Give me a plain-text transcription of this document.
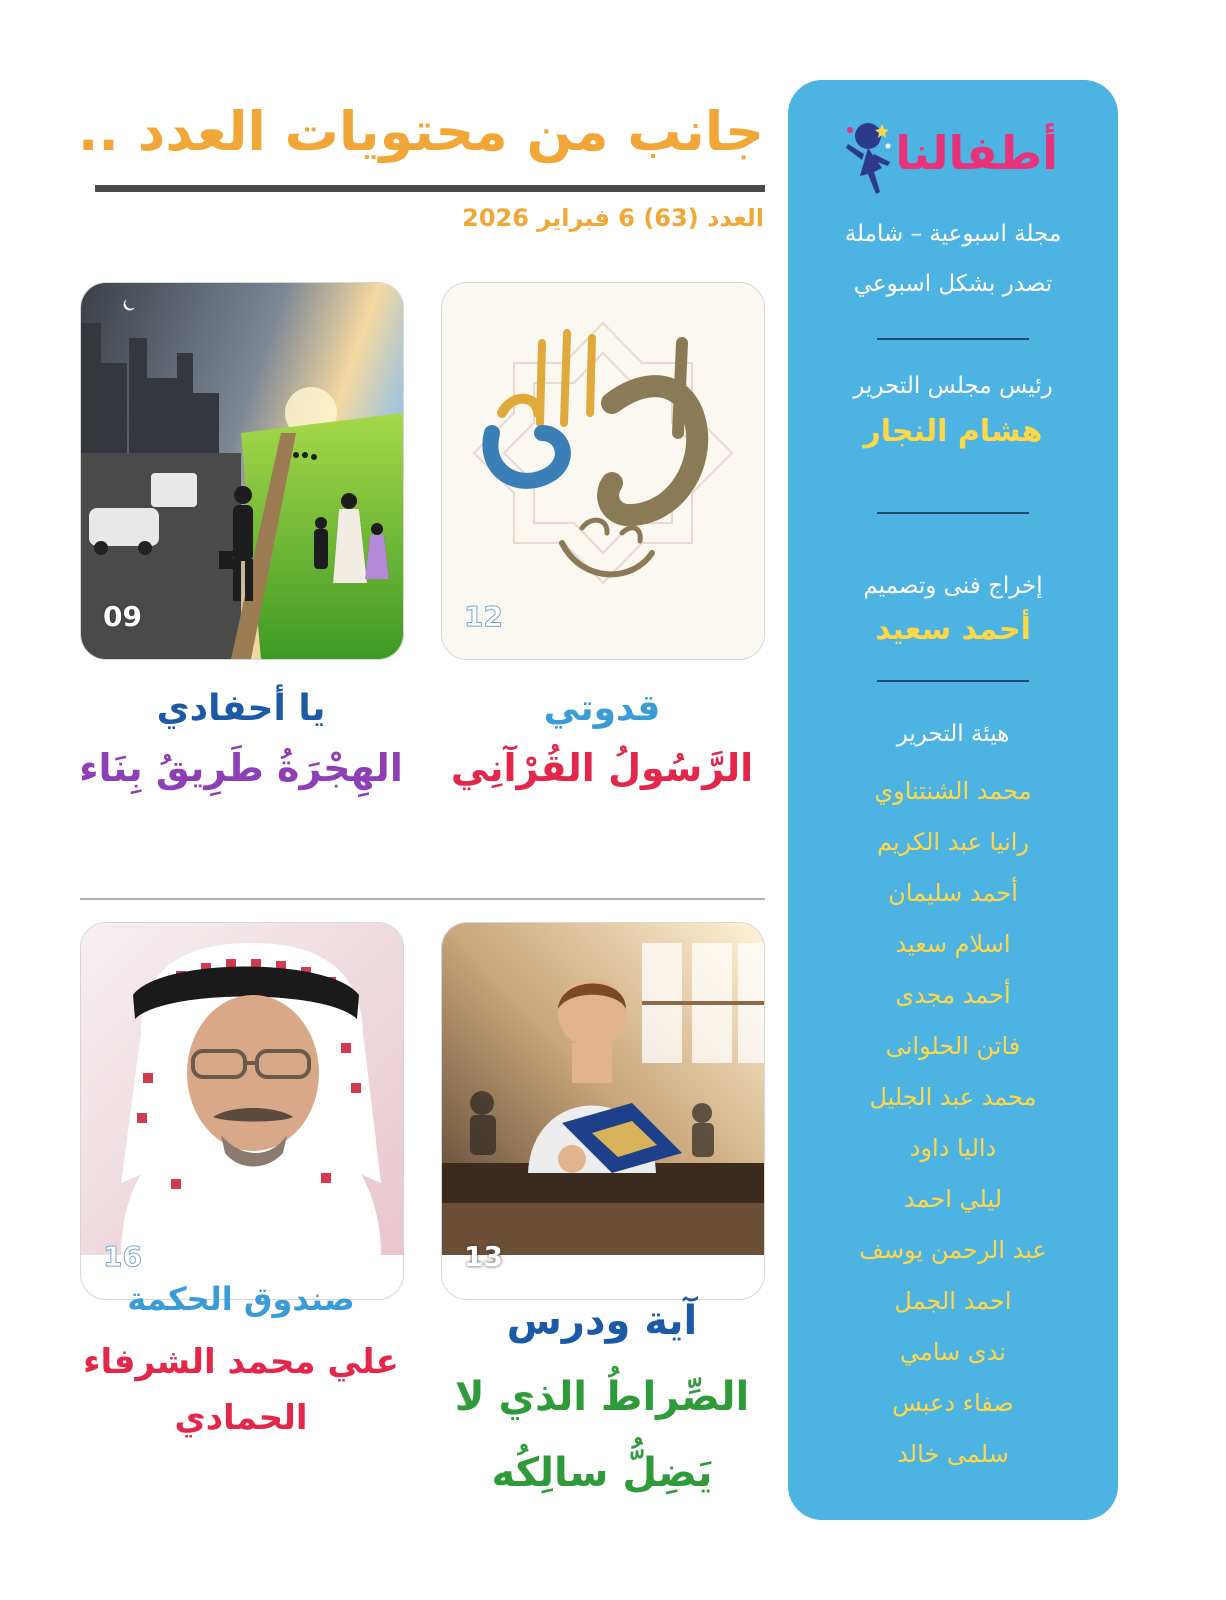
أطفالنا
مجلة اسبوعية – شاملة
تصدر بشكل اسبوعي
رئيس مجلس التحرير
هشام النجار
إخراج فنى وتصميم
أحمد سعيد
هيئة التحرير
محمد الشنتناوي
رانيا عبد الكريم
أحمد سليمان
اسلام سعيد
أحمد مجدى
فاتن الحلوانى
محمد عبد الجليل
داليا داود
ليلي احمد
عبد الرحمن يوسف
احمد الجمل
ندى سامي
صفاء دعبس
سلمى خالد
جانب من محتويات العدد ..
العدد (63) 6 فبراير 2026
12
09
قدوتي
الرَّسُولُ القُرْآنِي
يا أحفادي
الهِجْرَةُ طَرِيقُ بِنَاء
13
16
آية ودرس
الصِّراطُ الذي لا
يَضِلُّ سالِكُه
صندوق الحكمة
علي محمد الشرفاء
الحمادي
